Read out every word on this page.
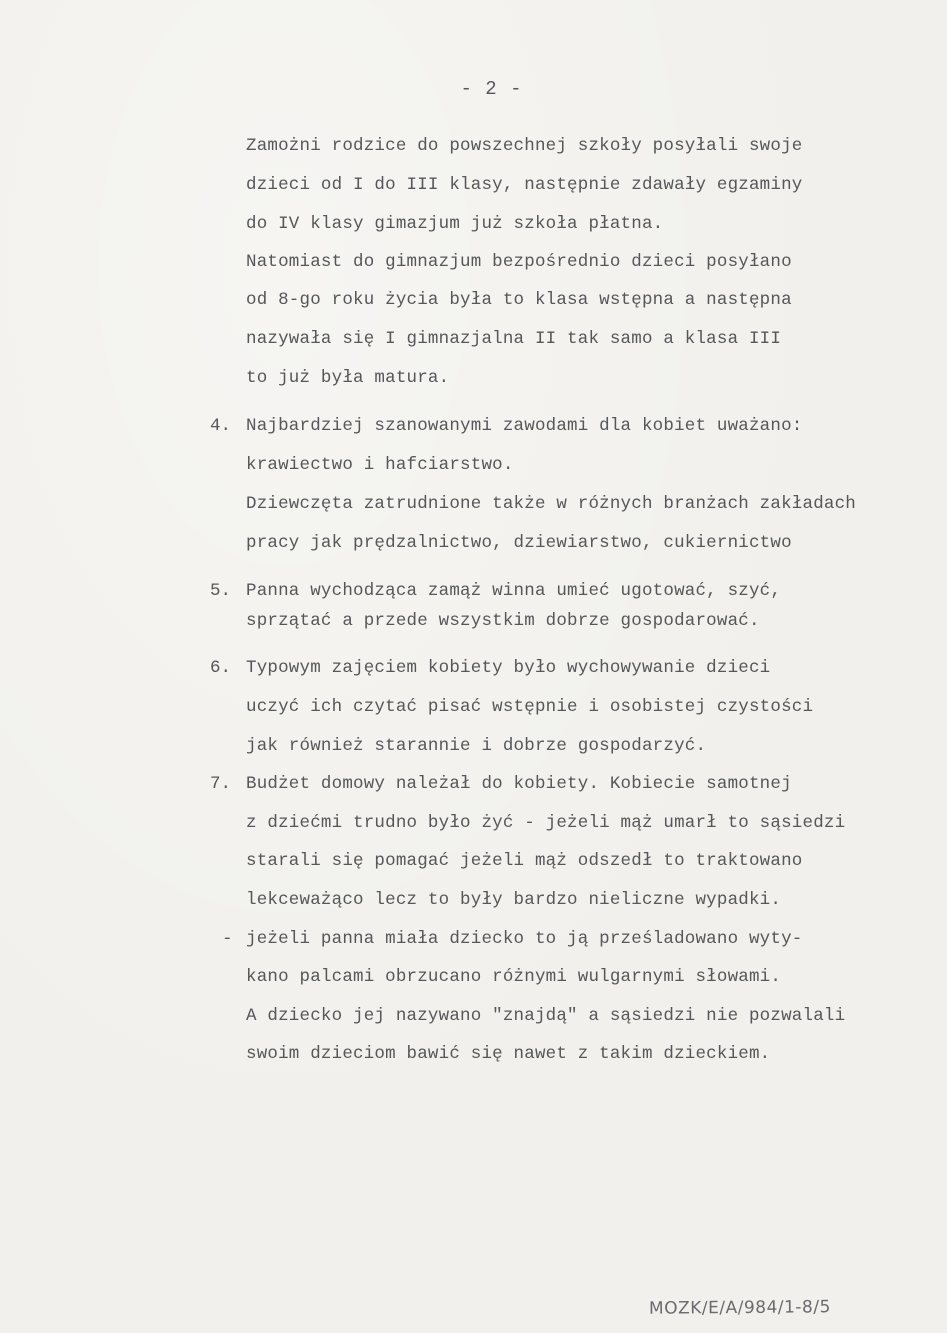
- 2 -
Zamożni rodzice do powszechnej szkoły posyłali swoje
dzieci od I do III klasy, następnie zdawały egzaminy
do IV klasy gimazjum już szkoła płatna.
Natomiast do gimnazjum bezpośrednio dzieci posyłano
od 8-go roku życia była to klasa wstępna a następna
nazywała się I gimnazjalna II tak samo a klasa III
to już była matura.
4. Najbardziej szanowanymi zawodami dla kobiet uważano:
krawiectwo i hafciarstwo.
Dziewczęta zatrudnione także w różnych branżach zakładach
pracy jak prędzalnictwo, dziewiarstwo, cukiernictwo
5. Panna wychodząca zamąż winna umieć ugotować, szyć,
sprzątać a przede wszystkim dobrze gospodarować.
6. Typowym zajęciem kobiety było wychowywanie dzieci
uczyć ich czytać pisać wstępnie i osobistej czystości
jak również starannie i dobrze gospodarzyć.
7. Budżet domowy należał do kobiety. Kobiecie samotnej
z dziećmi trudno było żyć - jeżeli mąż umarł to sąsiedzi
starali się pomagać jeżeli mąż odszedł to traktowano
lekceważąco lecz to były bardzo nieliczne wypadki.
- jeżeli panna miała dziecko to ją prześladowano wyty-
kano palcami obrzucano różnymi wulgarnymi słowami.
A dziecko jej nazywano "znajdą" a sąsiedzi nie pozwalali
swoim dzieciom bawić się nawet z takim dzieckiem.
MOZK/E/A/984/1-8/5
